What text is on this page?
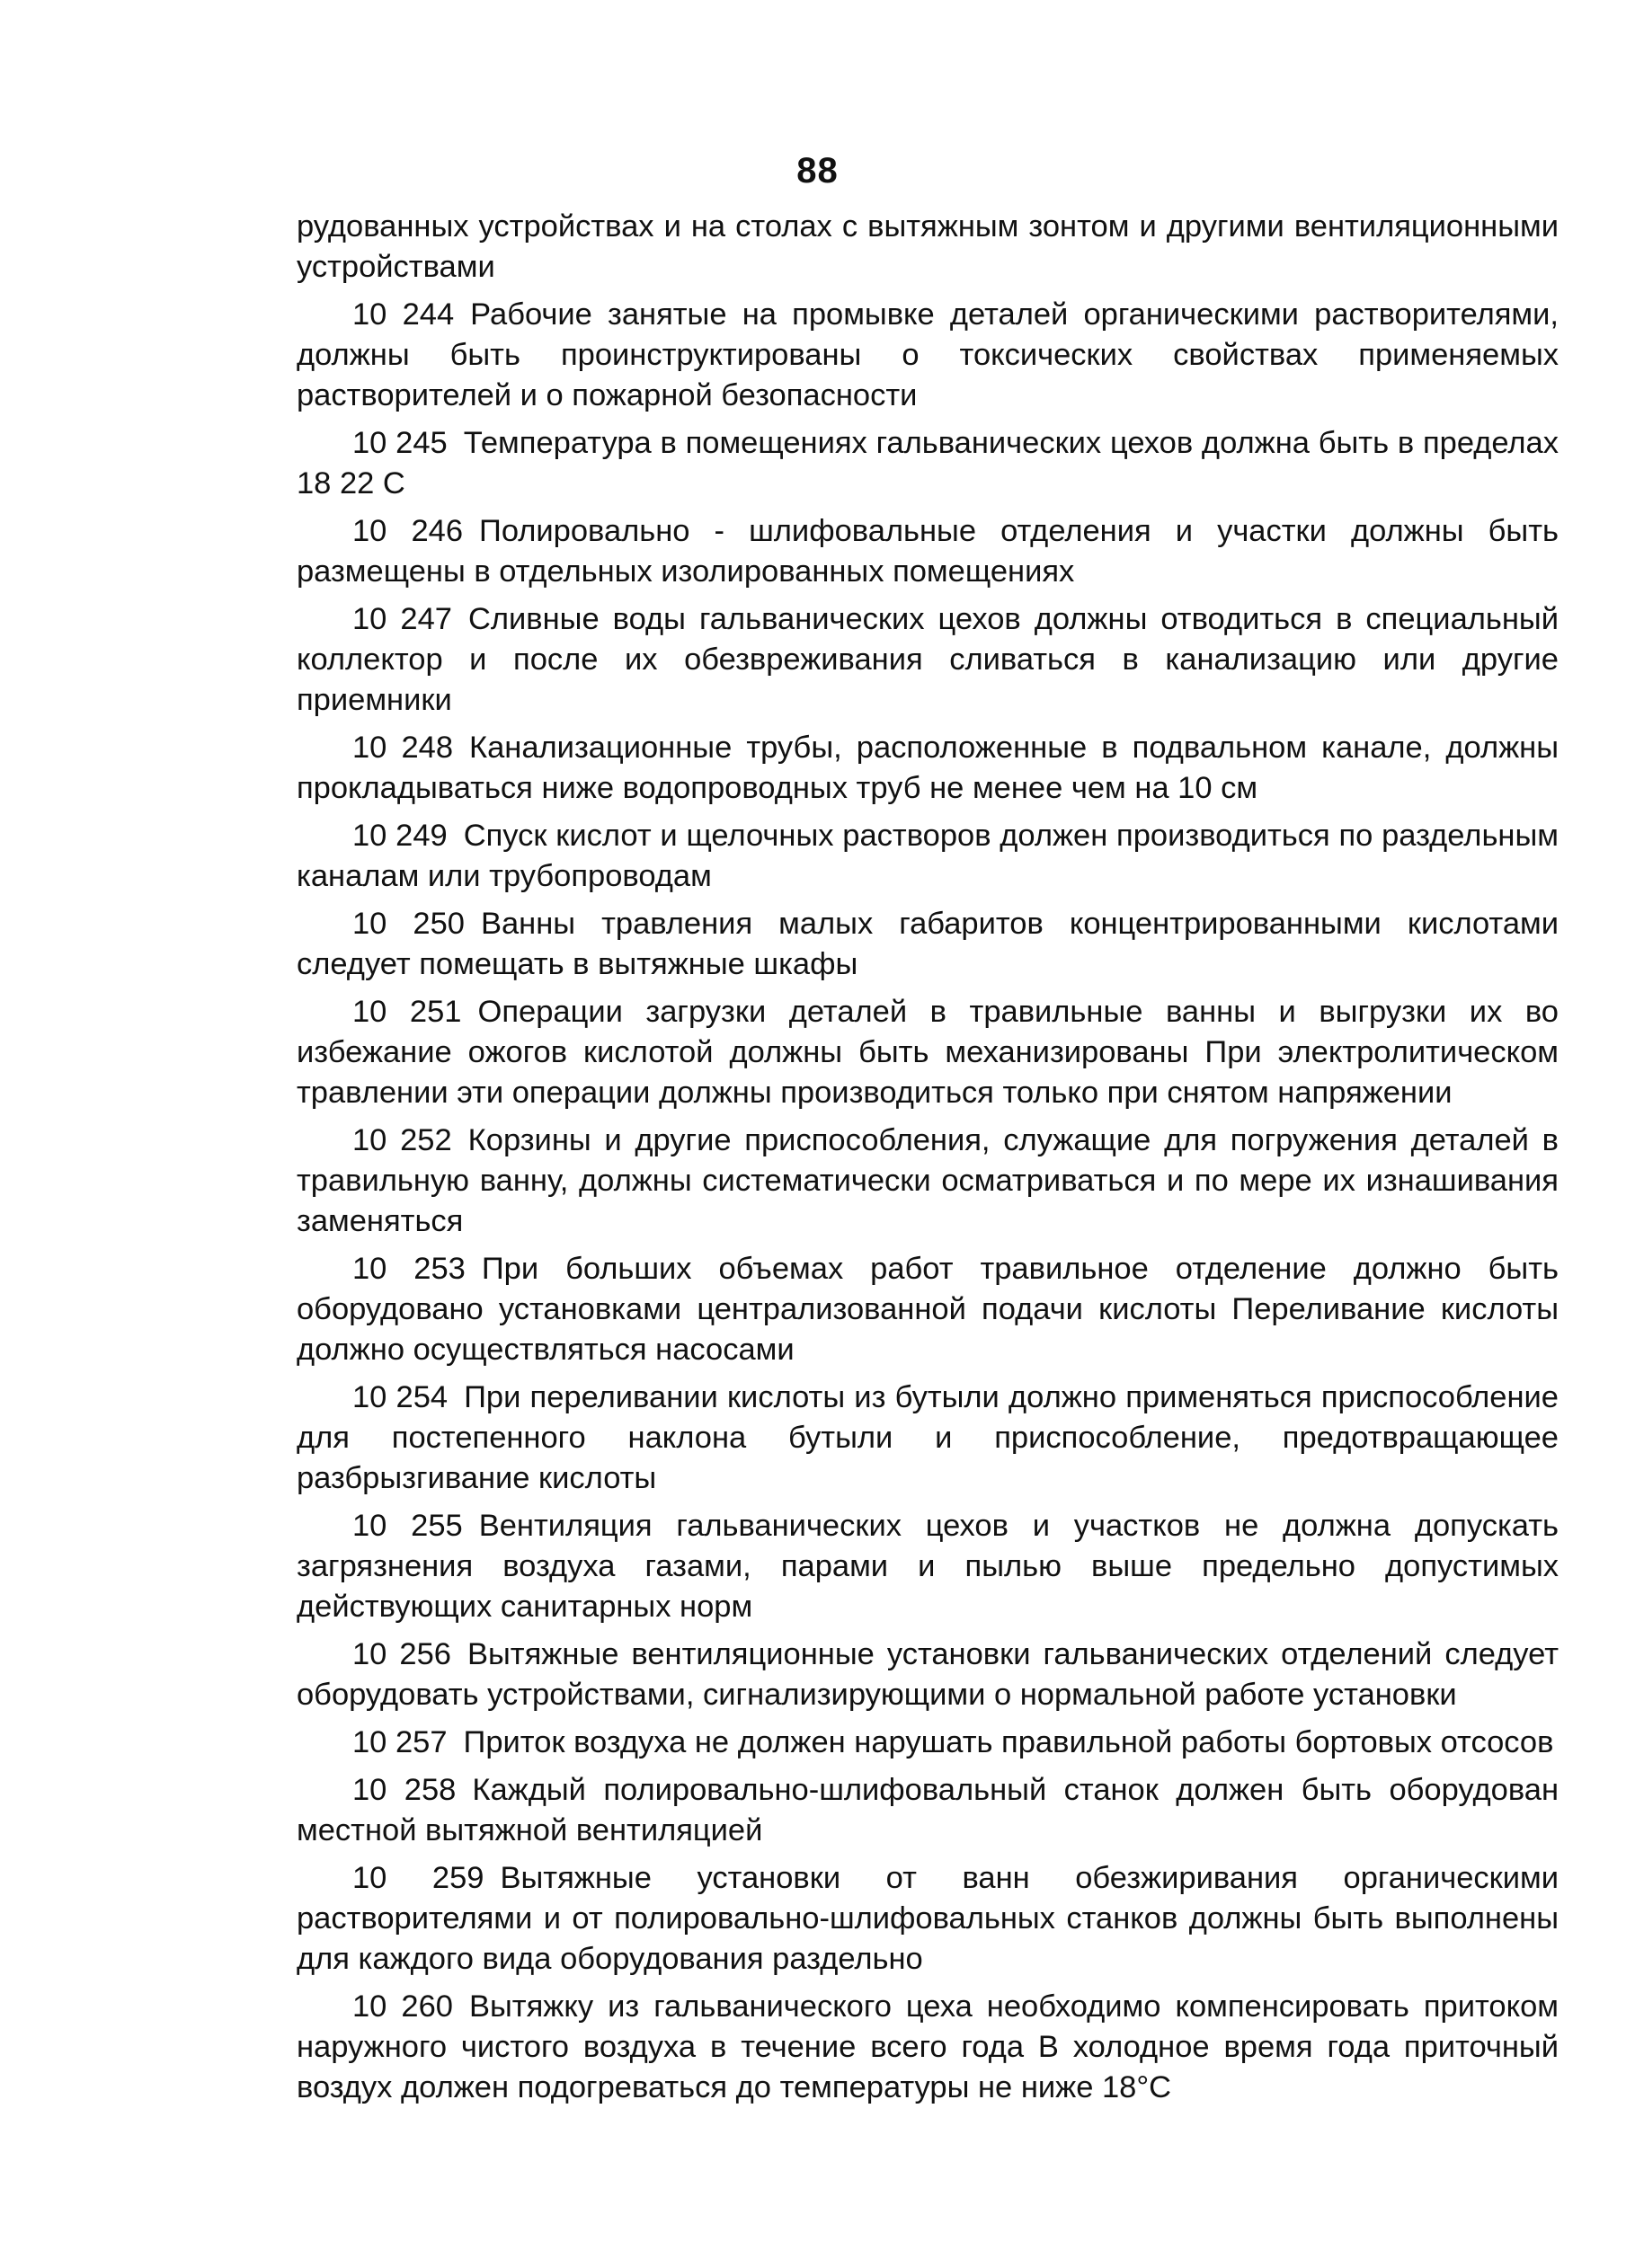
88

рудованных устройствах и на столах с вытяжным зонтом и другими вентиляционными устройствами

10 244 Рабочие занятые на промывке деталей органическими растворителями, должны быть проинструктированы о токсических свойствах применяемых растворителей и о пожарной безопасности

10 245 Температура в помещениях гальванических цехов должна быть в пределах 18 22 С

10 246 Полировально - шлифовальные отделения и участки должны быть размещены в отдельных изолированных помещениях

10 247 Сливные воды гальванических цехов должны отводиться в специальный коллектор и после их обезвреживания сливаться в канализацию или другие приемники

10 248 Канализационные трубы, расположенные в подвальном канале, должны прокладываться ниже водопроводных труб не менее чем на 10 см

10 249 Спуск кислот и щелочных растворов должен производиться по раздельным каналам или трубопроводам

10 250 Ванны травления малых габаритов концентрированными кислотами следует помещать в вытяжные шкафы

10 251 Операции загрузки деталей в травильные ванны и выгрузки их во избежание ожогов кислотой должны быть механизированы При электролитическом травлении эти операции должны производиться только при снятом напряжении

10 252 Корзины и другие приспособления, служащие для погружения деталей в травильную ванну, должны систематически осматриваться и по мере их изнашивания заменяться

10 253 При больших объемах работ травильное отделение должно быть оборудовано установками централизованной подачи кислоты Переливание кислоты должно осуществляться насосами

10 254 При переливании кислоты из бутыли должно применяться приспособление для постепенного наклона бутыли и приспособление, предотвращающее разбрызгивание кислоты

10 255 Вентиляция гальванических цехов и участков не должна допускать загрязнения воздуха газами, парами и пылью выше предельно допустимых действующих санитарных норм

10 256 Вытяжные вентиляционные установки гальванических отделений следует оборудовать устройствами, сигнализирующими о нормальной работе установки

10 257 Приток воздуха не должен нарушать правильной работы бортовых отсосов

10 258 Каждый полировально-шлифовальный станок должен быть оборудован местной вытяжной вентиляцией

10 259 Вытяжные установки от ванн обезжиривания органическими растворителями и от полировально-шлифовальных станков должны быть выполнены для каждого вида оборудования раздельно

10 260 Вытяжку из гальванического цеха необходимо компенсировать притоком наружного чистого воздуха в течение всего года В холодное время года приточный воздух должен подогреваться до температуры не ниже 18°С
